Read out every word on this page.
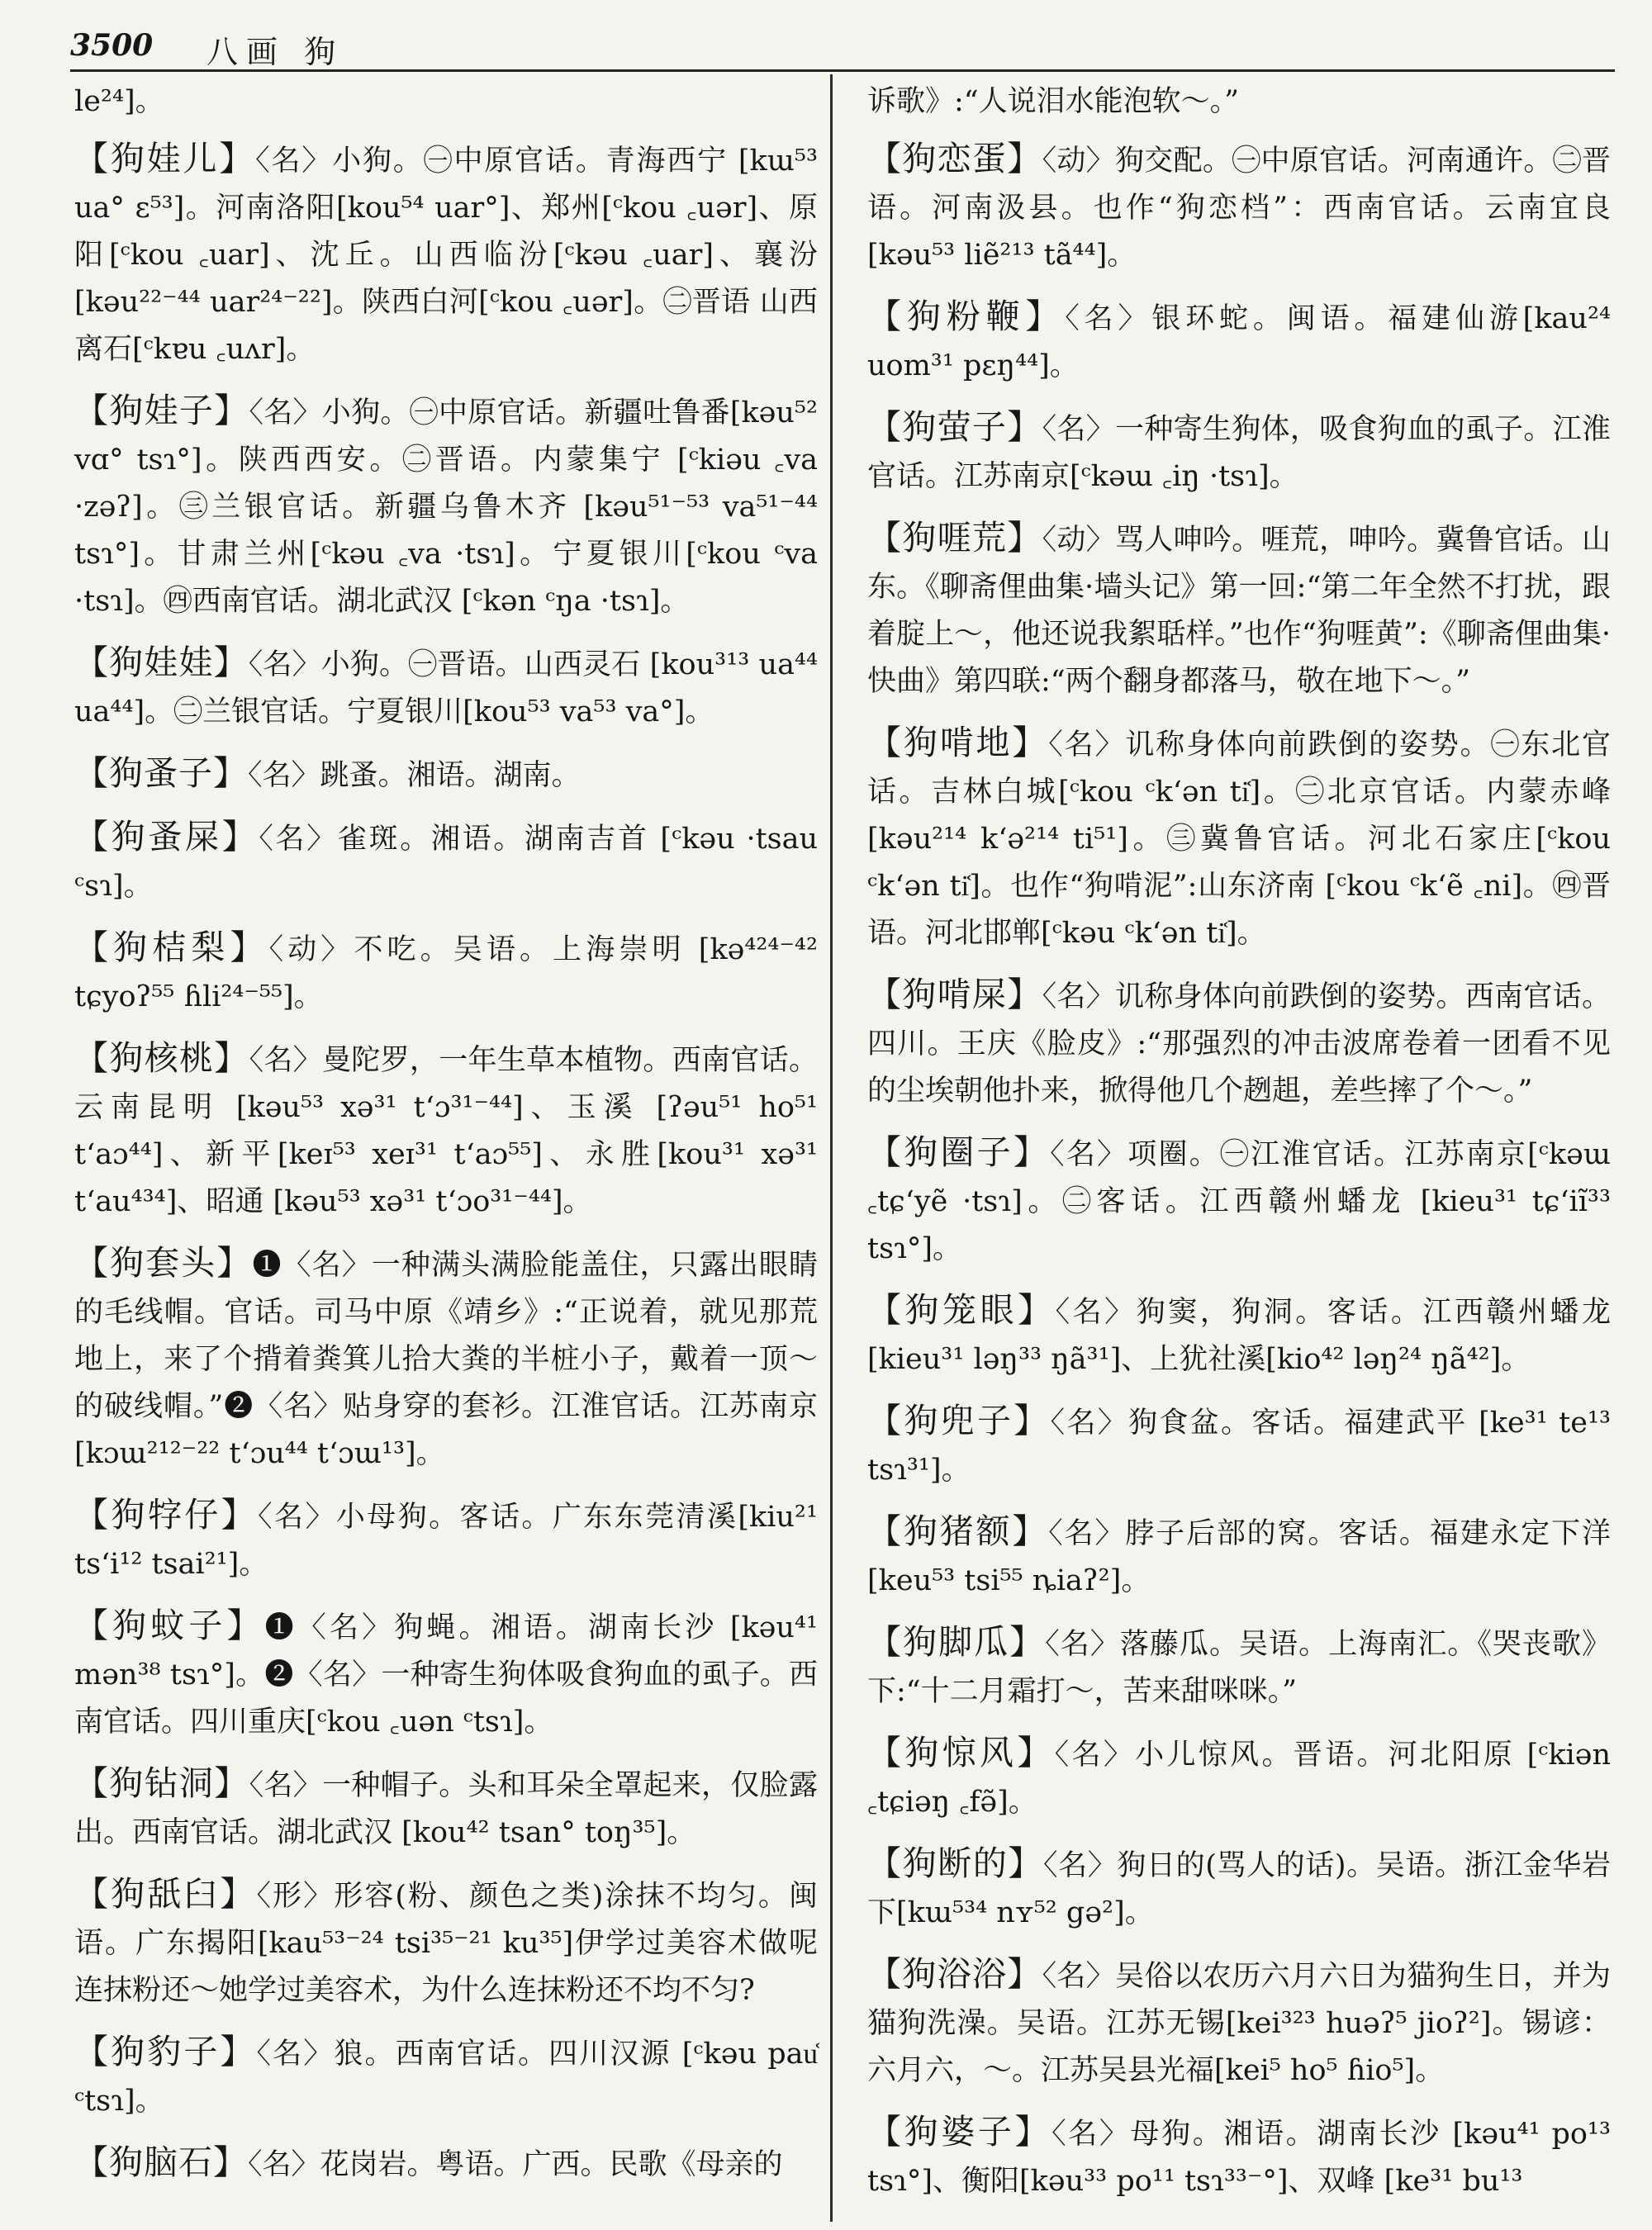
3500 八画 狗
le²⁴]。

【狗娃儿】〈名〉小狗。㊀中原官话。青海西宁 [kɯ⁵³ ua° ɛ⁵³]。河南洛阳[kou⁵⁴ uar°]、郑州[ᶜkou ꜀uər]、原阳[ᶜkou ꜀uar]、沈丘。山西临汾[ᶜkəu ꜀uar]、襄汾[kəu²²⁻⁴⁴ uar²⁴⁻²²]。陕西白河[ᶜkou ꜀uər]。㊁晋语 山西离石[ᶜkɐu ꜀uʌr]。

【狗娃子】〈名〉小狗。㊀中原官话。新疆吐鲁番[kəu⁵² vɑ° tsɿ°]。陕西西安。㊁晋语。内蒙集宁 [ᶜkiəu ꜀va ·zəʔ]。㊂兰银官话。新疆乌鲁木齐 [kəu⁵¹⁻⁵³ va⁵¹⁻⁴⁴ tsɿ°]。甘肃兰州[ᶜkəu ꜀va ·tsɿ]。宁夏银川[ᶜkou ᶜva ·tsɿ]。㊃西南官话。湖北武汉 [ᶜkən ᶜŋa ·tsɿ]。

【狗娃娃】〈名〉小狗。㊀晋语。山西灵石 [kou³¹³ ua⁴⁴ ua⁴⁴]。㊁兰银官话。宁夏银川[kou⁵³ va⁵³ va°]。

【狗蚤子】〈名〉跳蚤。湘语。湖南。

【狗蚤屎】〈名〉雀斑。湘语。湖南吉首 [ᶜkəu ·tsau ᶜsɿ]。

【狗桔梨】〈动〉不吃。吴语。上海崇明 [kə⁴²⁴⁻⁴² tɕyoʔ⁵⁵ ɦli²⁴⁻⁵⁵]。

【狗核桃】〈名〉曼陀罗，一年生草本植物。西南官话。云南昆明 [kəu⁵³ xə³¹ tʻɔ³¹⁻⁴⁴]、玉溪 [ʔəu⁵¹ ho⁵¹ tʻaɔ⁴⁴]、新平[keɪ⁵³ xeɪ³¹ tʻaɔ⁵⁵]、永胜[kou³¹ xə³¹ tʻau⁴³⁴]、昭通 [kəu⁵³ xə³¹ tʻɔo³¹⁻⁴⁴]。

【狗套头】❶〈名〉一种满头满脸能盖住，只露出眼睛的毛线帽。官话。司马中原《靖乡》:“正说着，就见那荒地上，来了个揹着粪箕儿拾大粪的半桩小子，戴着一顶～的破线帽。”❷〈名〉贴身穿的套衫。江淮官话。江苏南京 [kɔɯ²¹²⁻²² tʻɔu⁴⁴ tʻɔɯ¹³]。

【狗牸仔】〈名〉小母狗。客话。广东东莞清溪[kiu²¹ tsʻi¹² tsai²¹]。

【狗蚊子】❶〈名〉狗蝇。湘语。湖南长沙 [kəu⁴¹ mən³⁸ tsɿ°]。❷〈名〉一种寄生狗体吸食狗血的虱子。西南官话。四川重庆[ᶜkou ꜀uən ᶜtsɿ]。

【狗钻洞】〈名〉一种帽子。头和耳朵全罩起来，仅脸露出。西南官话。湖北武汉 [kou⁴² tsan° toŋ³⁵]。

【狗舐臼】〈形〉形容(粉、颜色之类)涂抹不均匀。闽语。广东揭阳[kau⁵³⁻²⁴ tsi³⁵⁻²¹ ku³⁵]伊学过美容术做呢连抹粉还～她学过美容术，为什么连抹粉还不均不匀?

【狗豹子】〈名〉狼。西南官话。四川汉源 [ᶜkəu pau᷾ ᶜtsɿ]。

【狗脑石】〈名〉花岗岩。粤语。广西。民歌《母亲的

诉歌》:“人说泪水能泡软～。”

【狗恋蛋】〈动〉狗交配。㊀中原官话。河南通许。㊁晋语。河南汲县。也作“狗恋档”：西南官话。云南宜良 [kəu⁵³ liẽ²¹³ tã⁴⁴]。

【狗粉鞭】〈名〉银环蛇。闽语。福建仙游[kau²⁴ uom³¹ pɛŋ⁴⁴]。

【狗萤子】〈名〉一种寄生狗体，吸食狗血的虱子。江淮官话。江苏南京[ᶜkəɯ ꜀iŋ ·tsɿ]。

【狗啀荒】〈动〉骂人呻吟。啀荒，呻吟。冀鲁官话。山东。《聊斋俚曲集·墙头记》第一回:“第二年全然不打扰，跟着腚上～，他还说我絮聒样。”也作“狗啀黄”:《聊斋俚曲集·快曲》第四联:“两个翻身都落马，敬在地下～。”

【狗啃地】〈名〉讥称身体向前跌倒的姿势。㊀东北官话。吉林白城[ᶜkou ᶜkʻən ti᷾]。㊁北京官话。内蒙赤峰[kəu²¹⁴ kʻə²¹⁴ ti⁵¹]。㊂冀鲁官话。河北石家庄[ᶜkou ᶜkʻən ti᷾]。也作“狗啃泥”:山东济南 [ᶜkou ᶜkʻẽ ꜀ni]。㊃晋语。河北邯郸[ᶜkəu ᶜkʻən ti᷾]。

【狗啃屎】〈名〉讥称身体向前跌倒的姿势。西南官话。四川。王庆《脸皮》:“那强烈的冲击波席卷着一团看不见的尘埃朝他扑来，掀得他几个趔趄，差些摔了个～。”

【狗圈子】〈名〉项圈。㊀江淮官话。江苏南京[ᶜkəɯ ꜀tɕʻyẽ ·tsɿ]。㊁客话。江西赣州蟠龙 [kieu³¹ tɕʻiĩ³³ tsɿ°]。

【狗笼眼】〈名〉狗窦，狗洞。客话。江西赣州蟠龙 [kieu³¹ ləŋ³³ ŋã³¹]、上犹社溪[kio⁴² ləŋ²⁴ ŋã⁴²]。

【狗兜子】〈名〉狗食盆。客话。福建武平 [ke³¹ te¹³ tsɿ³¹]。

【狗猪额】〈名〉脖子后部的窝。客话。福建永定下洋 [keu⁵³ tsi⁵⁵ ȵiaʔ²]。

【狗脚瓜】〈名〉落藤瓜。吴语。上海南汇。《哭丧歌》下:“十二月霜打～，苦来甜咪咪。”

【狗惊风】〈名〉小儿惊风。晋语。河北阳原 [ᶜkiən ꜀tɕiəŋ ꜀fə̃]。

【狗断的】〈名〉狗日的(骂人的话)。吴语。浙江金华岩下[kɯ⁵³⁴ nʏ⁵² gə²]。

【狗浴浴】〈名〉吴俗以农历六月六日为猫狗生日，并为猫狗洗澡。吴语。江苏无锡[kei³²³ huəʔ⁵ jioʔ²]。锡谚：六月六，～。江苏吴县光福[kei⁵ ho⁵ ɦio⁵]。

【狗婆子】〈名〉母狗。湘语。湖南长沙 [kəu⁴¹ po¹³ tsɿ°]、衡阳[kəu³³ po¹¹ tsɿ³³⁻°]、双峰 [ke³¹ bu¹³
